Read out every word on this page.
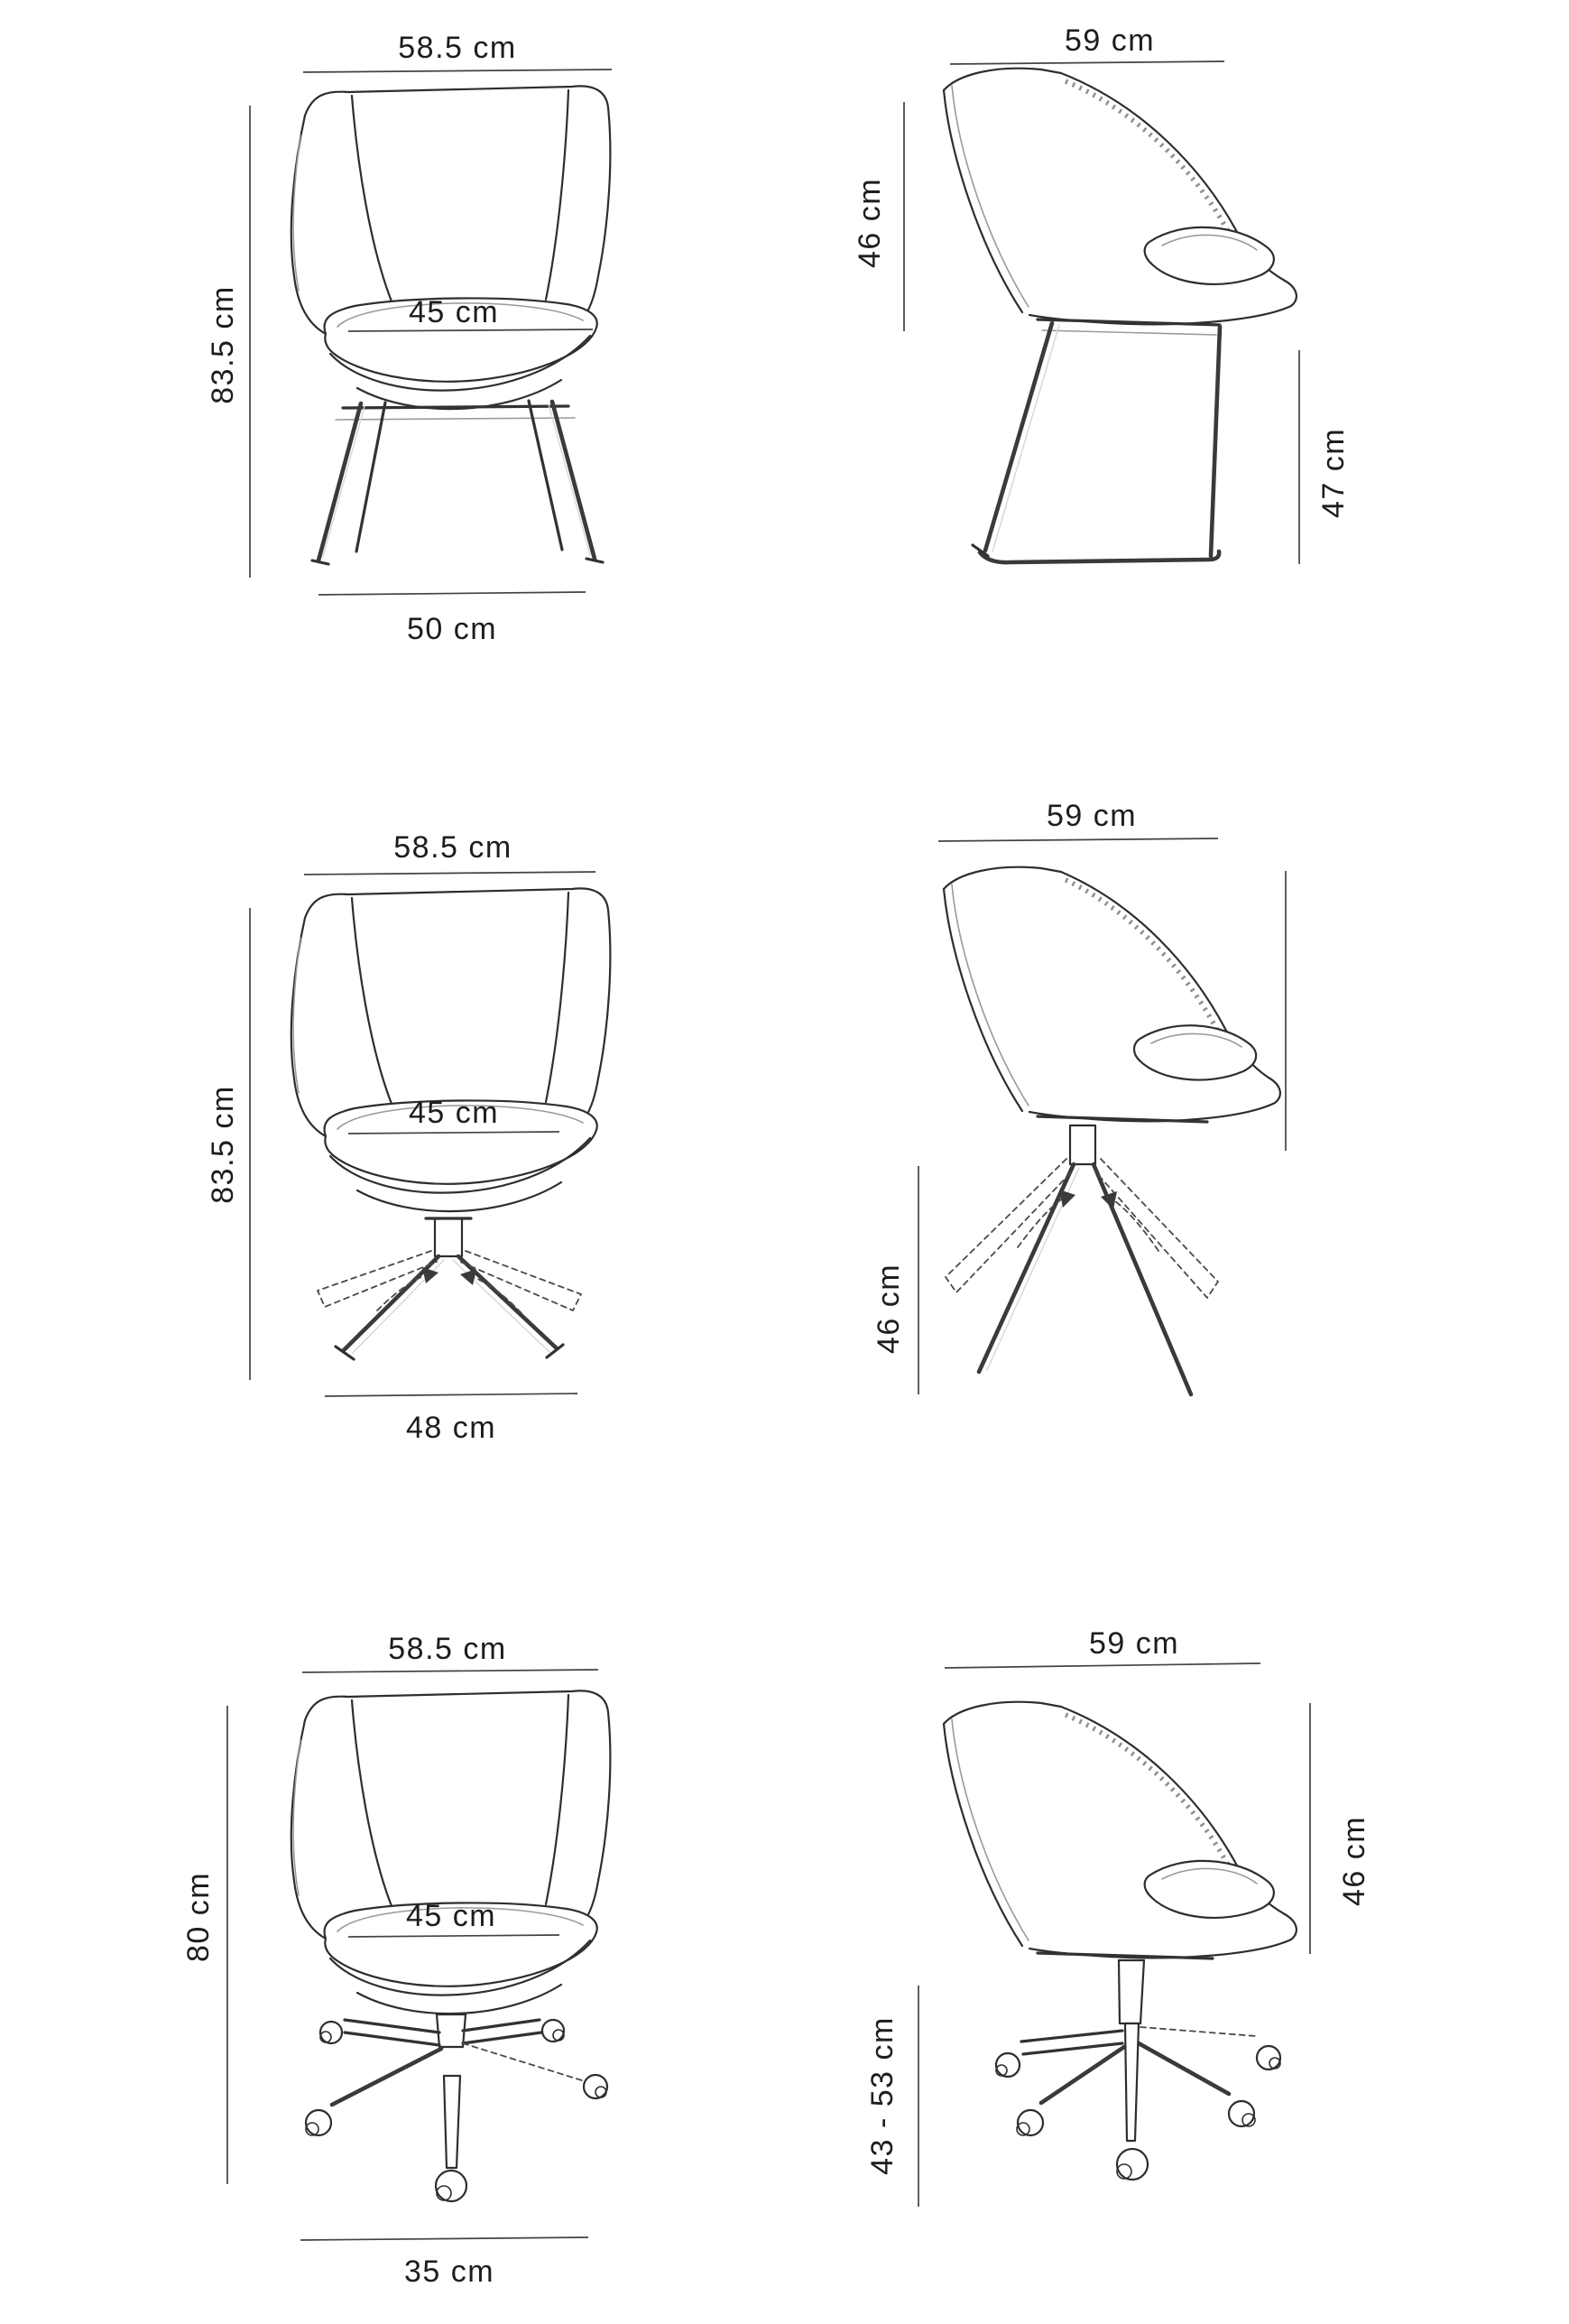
58.5 cm
83.5 cm	45 cm
50 cm
59 cm
46 cm
47 cm
58.5 cm
83.5 cm	45 cm
48 cm
59 cm
46 cm
58.5 cm
80 cm	45 cm
35 cm
59 cm
46 cm
43 - 53 cm
